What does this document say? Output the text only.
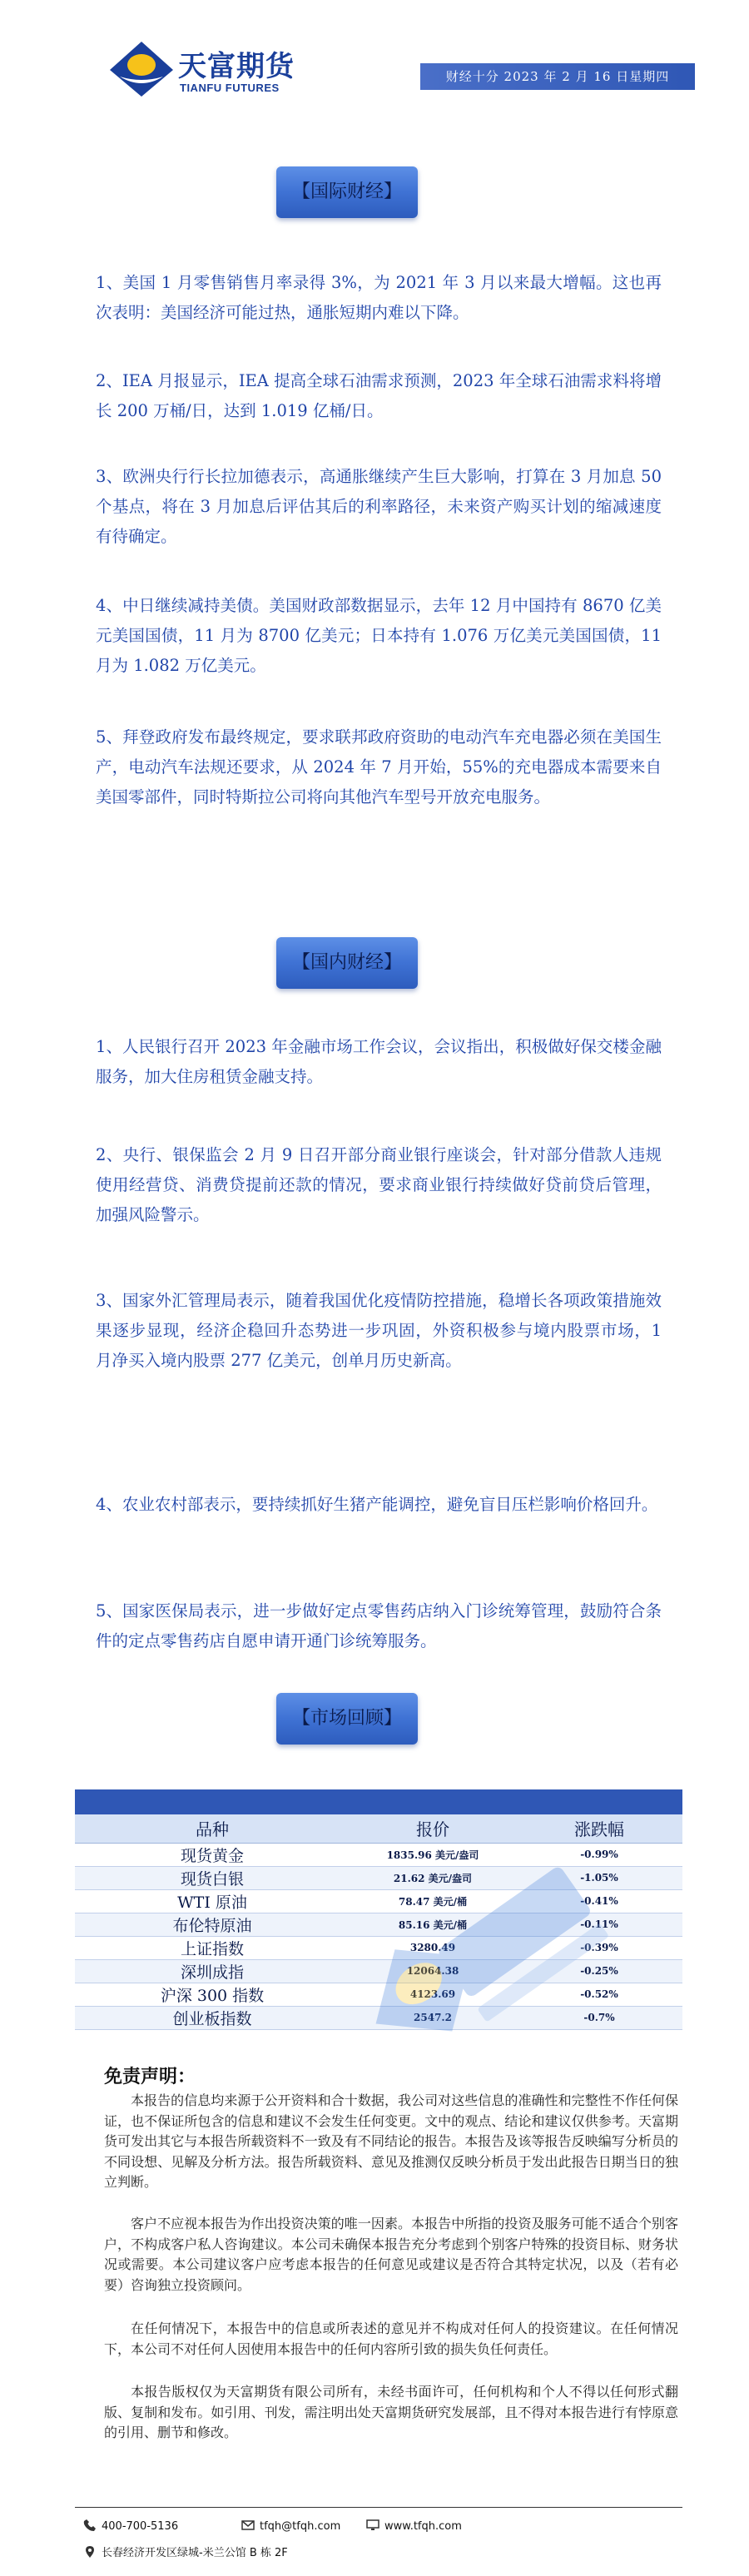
天富期货
TIANFU FUTURES
财经十分 2023 年 2 月 16 日星期四
【国际财经】
1、美国 1 月零售销售月率录得 3%，为 2021 年 3 月以来最大增幅。这也再次表明：美国经济可能过热，通胀短期内难以下降。
2、IEA 月报显示，IEA 提高全球石油需求预测，2023 年全球石油需求料将增长 200 万桶/日，达到 1.019 亿桶/日。
3、欧洲央行行长拉加德表示，高通胀继续产生巨大影响，打算在 3 月加息 50 个基点，将在 3 月加息后评估其后的利率路径，未来资产购买计划的缩减速度有待确定。
4、中日继续减持美债。美国财政部数据显示，去年 12 月中国持有 8670 亿美元美国国债，11 月为 8700 亿美元；日本持有 1.076 万亿美元美国国债，11 月为 1.082 万亿美元。
5、拜登政府发布最终规定，要求联邦政府资助的电动汽车充电器必须在美国生产，电动汽车法规还要求，从 2024 年 7 月开始，55%的充电器成本需要来自美国零部件，同时特斯拉公司将向其他汽车型号开放充电服务。
【国内财经】
1、人民银行召开 2023 年金融市场工作会议，会议指出，积极做好保交楼金融服务，加大住房租赁金融支持。
2、央行、银保监会 2 月 9 日召开部分商业银行座谈会，针对部分借款人违规使用经营贷、消费贷提前还款的情况，要求商业银行持续做好贷前贷后管理，加强风险警示。
3、国家外汇管理局表示，随着我国优化疫情防控措施，稳增长各项政策措施效果逐步显现，经济企稳回升态势进一步巩固，外资积极参与境内股票市场，1 月净买入境内股票 277 亿美元，创单月历史新高。
4、农业农村部表示，要持续抓好生猪产能调控，避免盲目压栏影响价格回升。
5、国家医保局表示，进一步做好定点零售药店纳入门诊统筹管理，鼓励符合条件的定点零售药店自愿申请开通门诊统筹服务。
【市场回顾】
品种	报价	涨跌幅
现货黄金	1835.96 美元/盎司	-0.99%
现货白银	21.62 美元/盎司	-1.05%
WTI 原油	78.47 美元/桶	-0.41%
布伦特原油	85.16 美元/桶	-0.11%
上证指数	3280.49	-0.39%
深圳成指	12064.38	-0.25%
沪深 300 指数	4123.69	-0.52%
创业板指数	2547.2	-0.7%
免责声明：
本报告的信息均来源于公开资料和合十数据，我公司对这些信息的准确性和完整性不作任何保证，也不保证所包含的信息和建议不会发生任何变更。文中的观点、结论和建议仅供参考。天富期货可发出其它与本报告所载资料不一致及有不同结论的报告。本报告及该等报告反映编写分析员的不同设想、见解及分析方法。报告所载资料、意见及推测仅反映分析员于发出此报告日期当日的独立判断。
客户不应视本报告为作出投资决策的唯一因素。本报告中所指的投资及服务可能不适合个别客户，不构成客户私人咨询建议。本公司未确保本报告充分考虑到个别客户特殊的投资目标、财务状况或需要。本公司建议客户应考虑本报告的任何意见或建议是否符合其特定状况，以及（若有必要）咨询独立投资顾问。
在任何情况下，本报告中的信息或所表述的意见并不构成对任何人的投资建议。在任何情况下，本公司不对任何人因使用本报告中的任何内容所引致的损失负任何责任。
本报告版权仅为天富期货有限公司所有，未经书面许可，任何机构和个人不得以任何形式翻版、复制和发布。如引用、刊发，需注明出处天富期货研究发展部，且不得对本报告进行有悖原意的引用、删节和修改。
400-700-5136	tfqh@tfqh.com	www.tfqh.com
长春经济开发区绿城-米兰公馆 B 栋 2F
